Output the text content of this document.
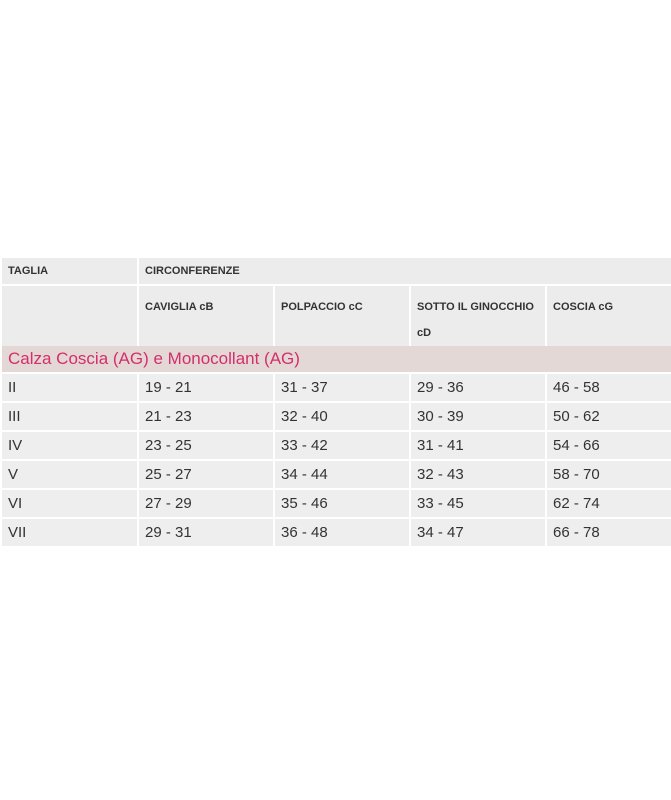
TAGLIA	CIRCONFERENZE			
	CAVIGLIA cB	POLPACCIO cC	SOTTO IL GINOCCHIO cD	COSCIA cG
Calza Coscia (AG) e Monocollant (AG)				
II	19 - 21	31 - 37	29 - 36	46 - 58
III	21 - 23	32 - 40	30 - 39	50 - 62
IV	23 - 25	33 - 42	31 - 41	54 - 66
V	25 - 27	34 - 44	32 - 43	58 - 70
VI	27 - 29	35 - 46	33 - 45	62 - 74
VII	29 - 31	36 - 48	34 - 47	66 - 78
